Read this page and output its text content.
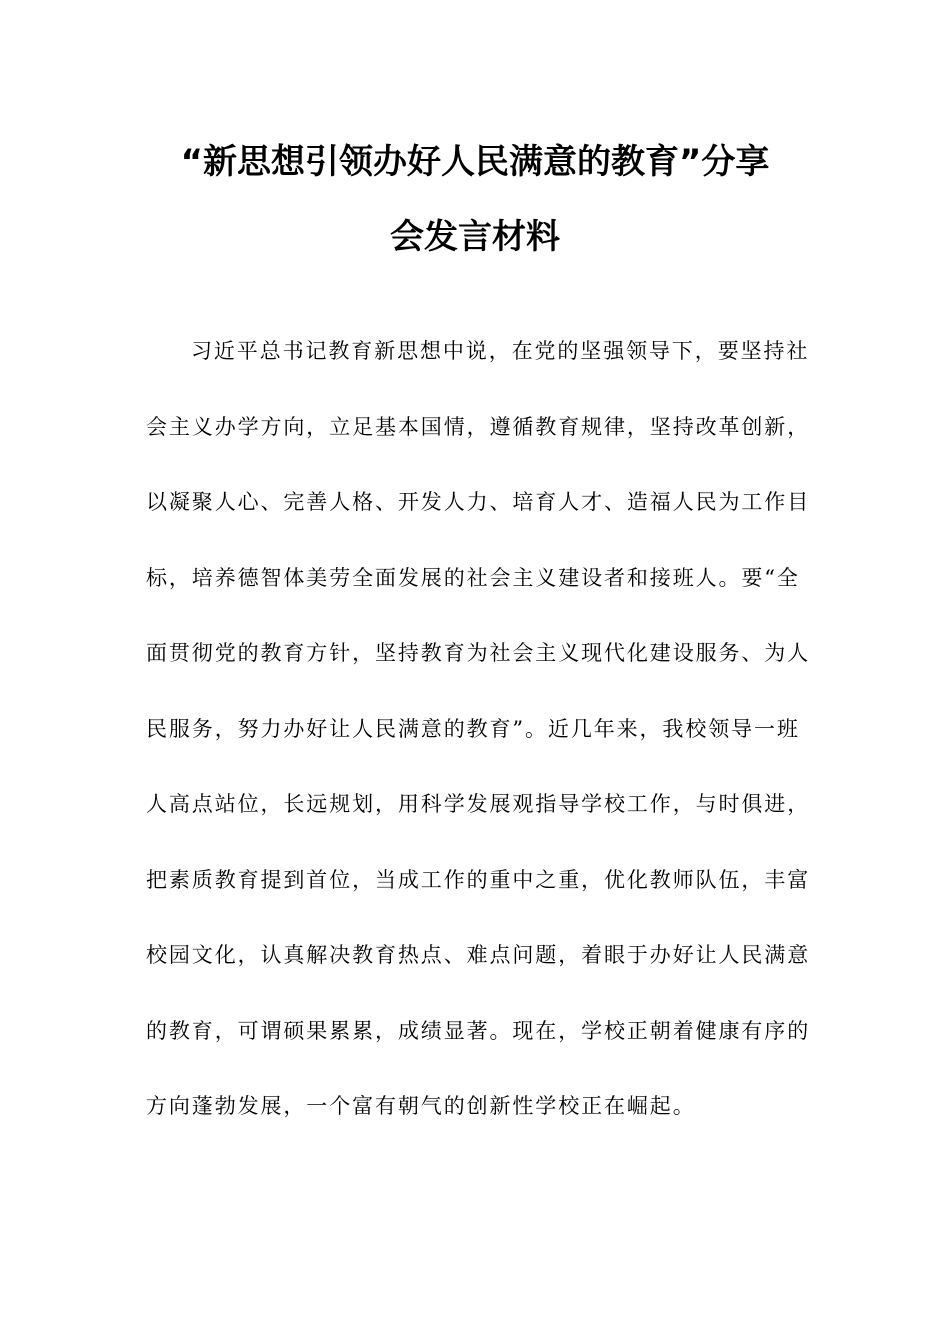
“新思想引领办好人民满意的教育”分享
会发言材料
习近平总书记教育新思想中说，在党的坚强领导下，要坚持社
会主义办学方向，立足基本国情，遵循教育规律，坚持改革创新，
以凝聚人心、完善人格、开发人力、培育人才、造福人民为工作目
标，培养德智体美劳全面发展的社会主义建设者和接班人。要“全
面贯彻党的教育方针，坚持教育为社会主义现代化建设服务、为人
民服务，努力办好让人民满意的教育”。近几年来，我校领导一班
人高点站位，长远规划，用科学发展观指导学校工作，与时俱进，
把素质教育提到首位，当成工作的重中之重，优化教师队伍，丰富
校园文化，认真解决教育热点、难点问题，着眼于办好让人民满意
的教育，可谓硕果累累，成绩显著。现在，学校正朝着健康有序的
方向蓬勃发展，一个富有朝气的创新性学校正在崛起。
